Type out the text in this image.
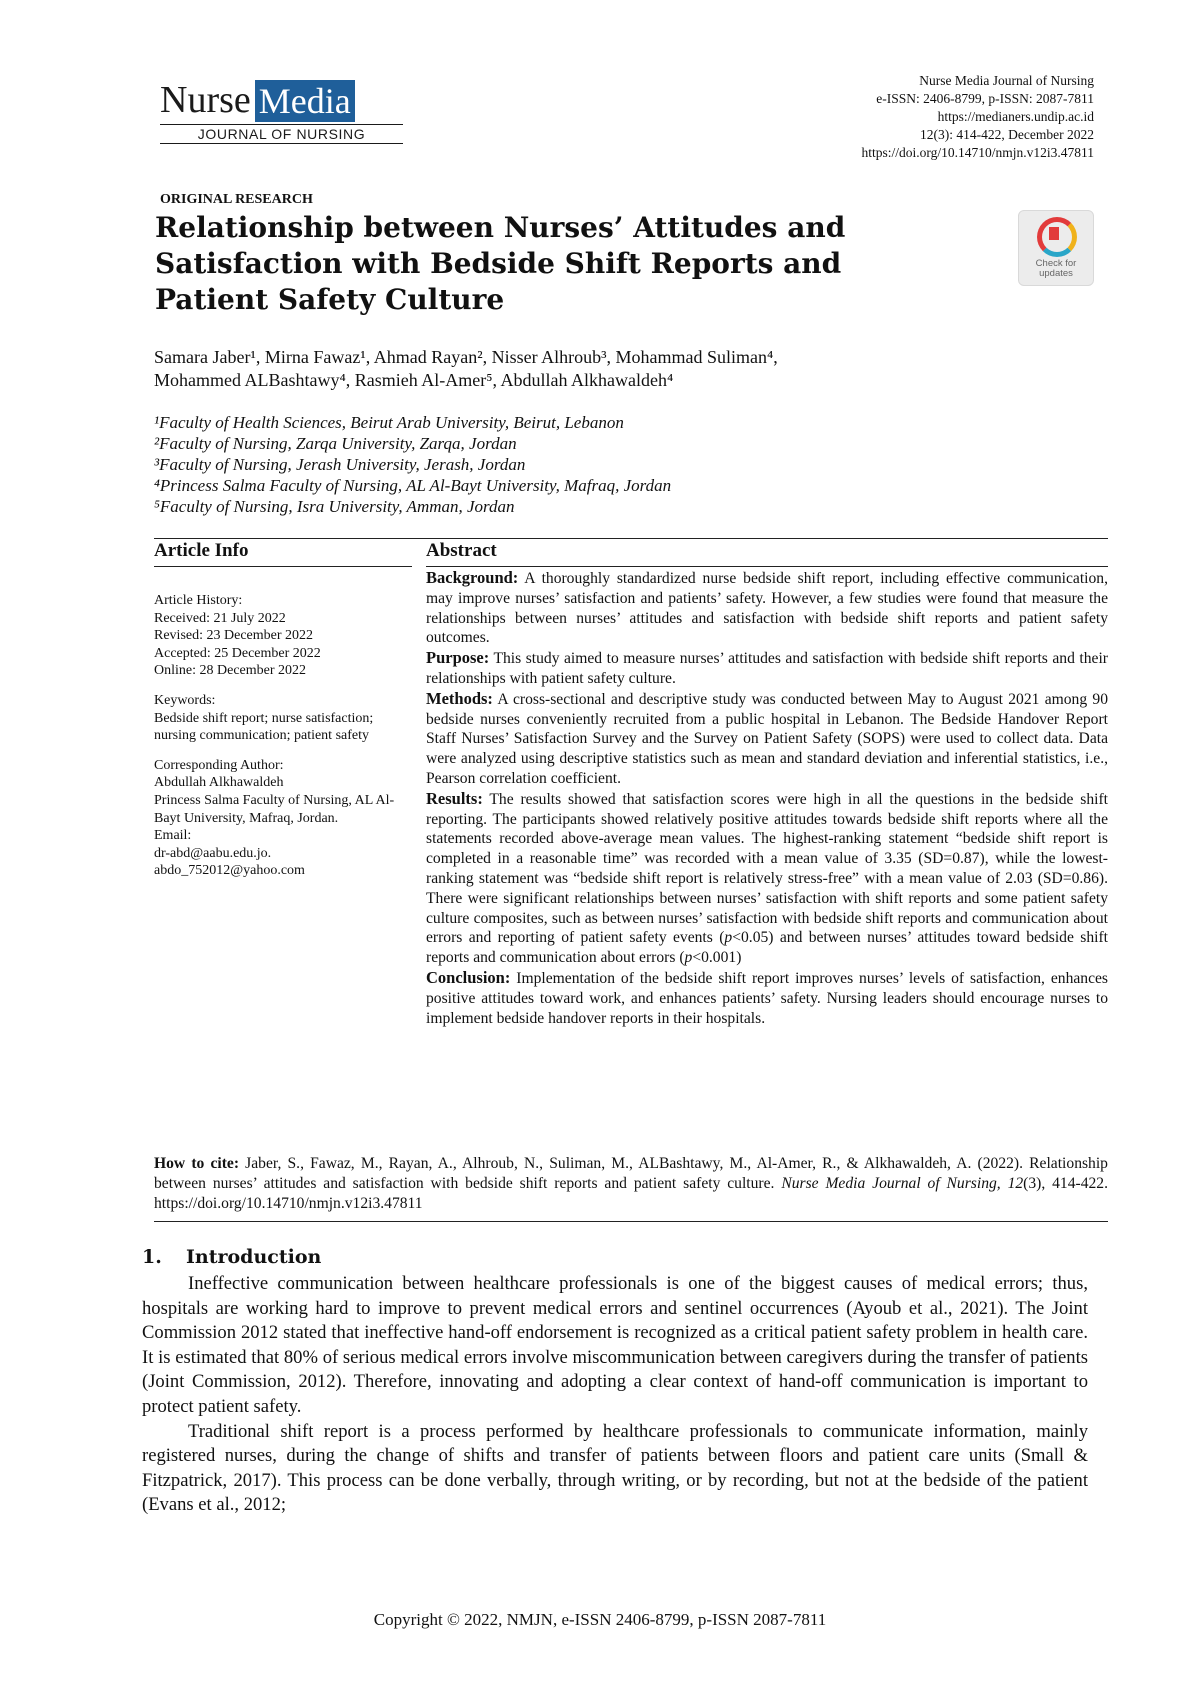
Nurse Media
JOURNAL OF NURSING
Nurse Media Journal of Nursing
e-ISSN: 2406-8799, p-ISSN: 2087-7811
https://medianers.undip.ac.id
12(3): 414-422, December 2022
https://doi.org/10.14710/nmjn.v12i3.47811
ORIGINAL RESEARCH
Relationship between Nurses’ Attitudes and Satisfaction with Bedside Shift Reports and Patient Safety Culture
Check for
updates
Samara Jaber¹, Mirna Fawaz¹, Ahmad Rayan², Nisser Alhroub³, Mohammad Suliman⁴,
Mohammed ALBashtawy⁴, Rasmieh Al-Amer⁵, Abdullah Alkhawaldeh⁴
¹Faculty of Health Sciences, Beirut Arab University, Beirut, Lebanon
²Faculty of Nursing, Zarqa University, Zarqa, Jordan
³Faculty of Nursing, Jerash University, Jerash, Jordan
⁴Princess Salma Faculty of Nursing, AL Al-Bayt University, Mafraq, Jordan
⁵Faculty of Nursing, Isra University, Amman, Jordan
Article Info	Abstract

Article History:

Received: 21 July 2022

Revised: 23 December 2022

Accepted: 25 December 2022

Online: 28 December 2022

Keywords:

Bedside shift report; nurse satisfaction; nursing communication; patient safety

Corresponding Author:

Abdullah Alkhawaldeh

Princess Salma Faculty of Nursing, AL Al-Bayt University, Mafraq, Jordan.

Email:

dr-abd@aabu.edu.jo.

abdo_752012@yahoo.com

Background: A thoroughly standardized nurse bedside shift report, including effective communication, may improve nurses’ satisfaction and patients’ safety. However, a few studies were found that measure the relationships between nurses’ attitudes and satisfaction with bedside shift reports and patient safety outcomes.

Purpose: This study aimed to measure nurses’ attitudes and satisfaction with bedside shift reports and their relationships with patient safety culture.

Methods: A cross-sectional and descriptive study was conducted between May to August 2021 among 90 bedside nurses conveniently recruited from a public hospital in Lebanon. The Bedside Handover Report Staff Nurses’ Satisfaction Survey and the Survey on Patient Safety (SOPS) were used to collect data. Data were analyzed using descriptive statistics such as mean and standard deviation and inferential statistics, i.e., Pearson correlation coefficient.

Results: The results showed that satisfaction scores were high in all the questions in the bedside shift reporting. The participants showed relatively positive attitudes towards bedside shift reports where all the statements recorded above-average mean values. The highest-ranking statement “bedside shift report is completed in a reasonable time” was recorded with a mean value of 3.35 (SD=0.87), while the lowest-ranking statement was “bedside shift report is relatively stress-free” with a mean value of 2.03 (SD=0.86). There were significant relationships between nurses’ satisfaction with shift reports and some patient safety culture composites, such as between nurses’ satisfaction with bedside shift reports and communication about errors and reporting of patient safety events (p<0.05) and between nurses’ attitudes toward bedside shift reports and communication about errors (p<0.001)

Conclusion: Implementation of the bedside shift report improves nurses’ levels of satisfaction, enhances positive attitudes toward work, and enhances patients’ safety. Nursing leaders should encourage nurses to implement bedside handover reports in their hospitals.

How to cite: Jaber, S., Fawaz, M., Rayan, A., Alhroub, N., Suliman, M., ALBashtawy, M., Al-Amer, R., & Alkhawaldeh, A. (2022). Relationship between nurses’ attitudes and satisfaction with bedside shift reports and patient safety culture. Nurse Media Journal of Nursing, 12(3), 414-422. https://doi.org/10.14710/nmjn.v12i3.47811
1. Introduction

Ineffective communication between healthcare professionals is one of the biggest causes of medical errors; thus, hospitals are working hard to improve to prevent medical errors and sentinel occurrences (Ayoub et al., 2021). The Joint Commission 2012 stated that ineffective hand-off endorsement is recognized as a critical patient safety problem in health care. It is estimated that 80% of serious medical errors involve miscommunication between caregivers during the transfer of patients (Joint Commission, 2012). Therefore, innovating and adopting a clear context of hand-off communication is important to protect patient safety.

Traditional shift report is a process performed by healthcare professionals to communicate information, mainly registered nurses, during the change of shifts and transfer of patients between floors and patient care units (Small & Fitzpatrick, 2017). This process can be done verbally, through writing, or by recording, but not at the bedside of the patient (Evans et al., 2012;

Copyright © 2022, NMJN, e-ISSN 2406-8799, p-ISSN 2087-7811
